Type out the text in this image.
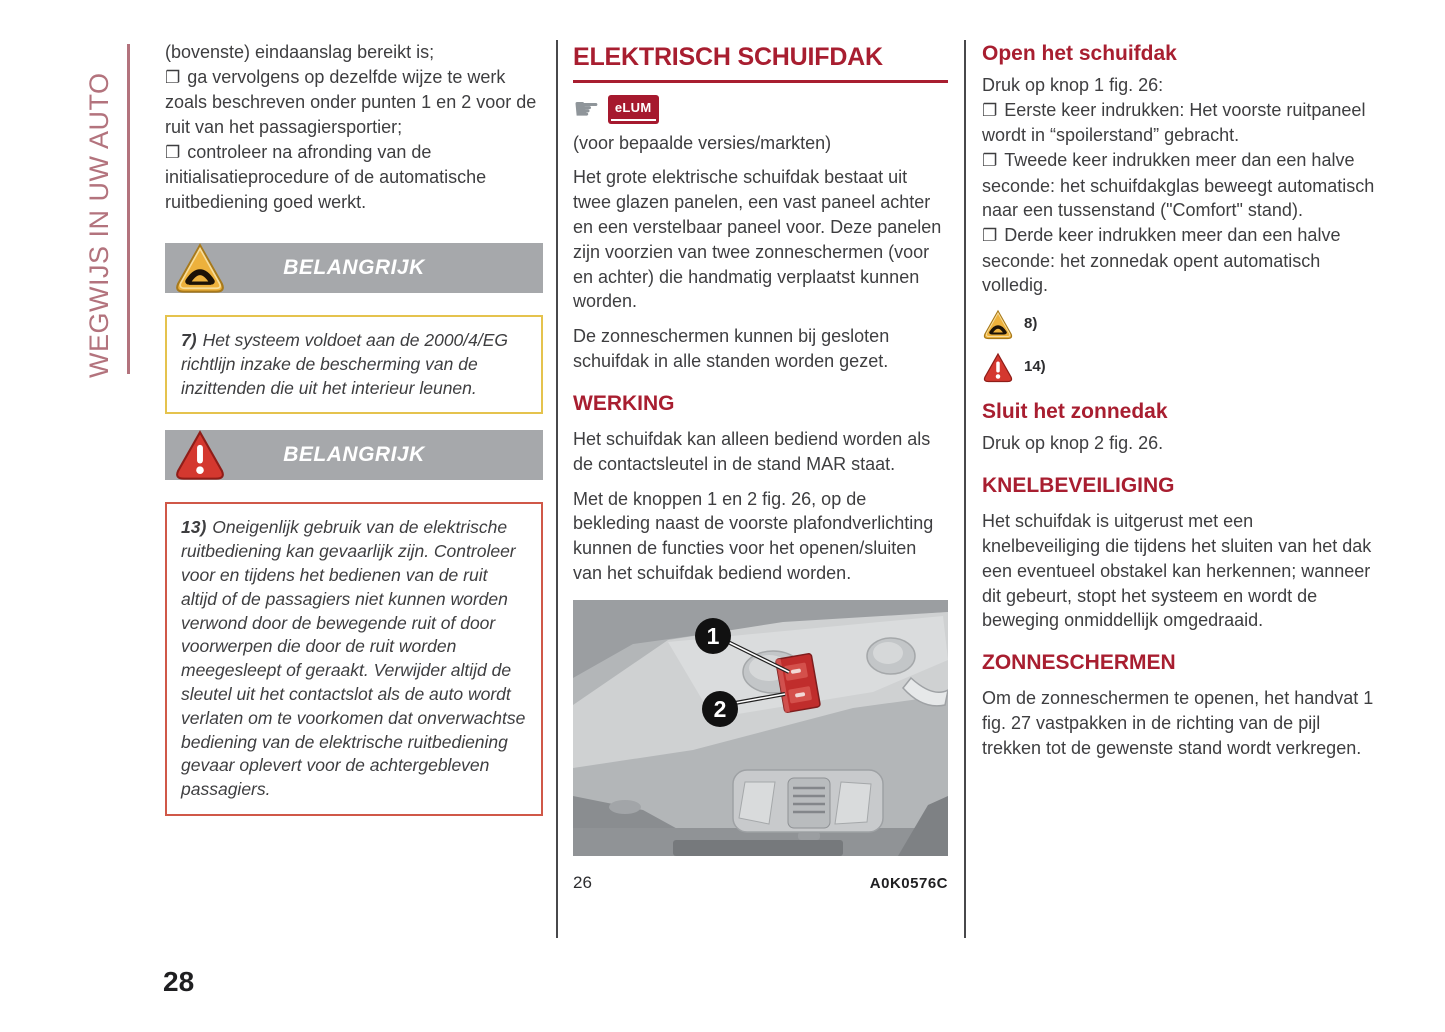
WEGWIJS IN UW AUTO

(bovenste) eindaanslag bereikt is;

❐ ga vervolgens op dezelfde wijze te werk zoals beschreven onder punten 1 en 2 voor de ruit van het passagiersportier;

❐ controleer na afronding van de initialisatieprocedure of de automatische ruitbediening goed werkt.

BELANGRIJK
7) Het systeem voldoet aan de 2000/4/EG richtlijn inzake de bescherming van de inzittenden die uit het interieur leunen.
BELANGRIJK
13) Oneigenlijk gebruik van de elektrische ruitbediening kan gevaarlijk zijn. Controleer voor en tijdens het bedienen van de ruit altijd of de passagiers niet kunnen worden verwond door de bewegende ruit of door voorwerpen die door de ruit worden meegesleept of geraakt. Verwijder altijd de sleutel uit het contactslot als de auto wordt verlaten om te voorkomen dat onverwachtse bediening van de elektrische ruitbediening gevaar oplevert voor de achtergebleven passagiers.
ELEKTRISCH SCHUIFDAK
☛	eLUM

(voor bepaalde versies/markten)

Het grote elektrische schuifdak bestaat uit twee glazen panelen, een vast paneel achter en een verstelbaar paneel voor. Deze panelen zijn voorzien van twee zonneschermen (voor en achter) die handmatig verplaatst kunnen worden.

De zonneschermen kunnen bij gesloten schuifdak in alle standen worden gezet.

WERKING

Het schuifdak kan alleen bediend worden als de contactsleutel in de stand MAR staat.

Met de knoppen 1 en 2 fig. 26, op de bekleding naast de voorste plafondverlichting kunnen de functies voor het openen/sluiten van het schuifdak bediend worden.

1
2
26	A0K0576C
Open het schuifdak

Druk op knop 1 fig. 26:

❐ Eerste keer indrukken: Het voorste ruitpaneel wordt in “spoilerstand” gebracht.

❐ Tweede keer indrukken meer dan een halve seconde: het schuifdakglas beweegt automatisch naar een tussenstand ("Comfort" stand).

❐ Derde keer indrukken meer dan een halve seconde: het zonnedak opent automatisch volledig.

8)
14)
Sluit het zonnedak

Druk op knop 2 fig. 26.

KNELBEVEILIGING

Het schuifdak is uitgerust met een knelbeveiliging die tijdens het sluiten van het dak een eventueel obstakel kan herkennen; wanneer dit gebeurt, stopt het systeem en wordt de beweging onmiddellijk omgedraaid.

ZONNESCHERMEN

Om de zonneschermen te openen, het handvat 1 fig. 27 vastpakken in de richting van de pijl trekken tot de gewenste stand wordt verkregen.

28
